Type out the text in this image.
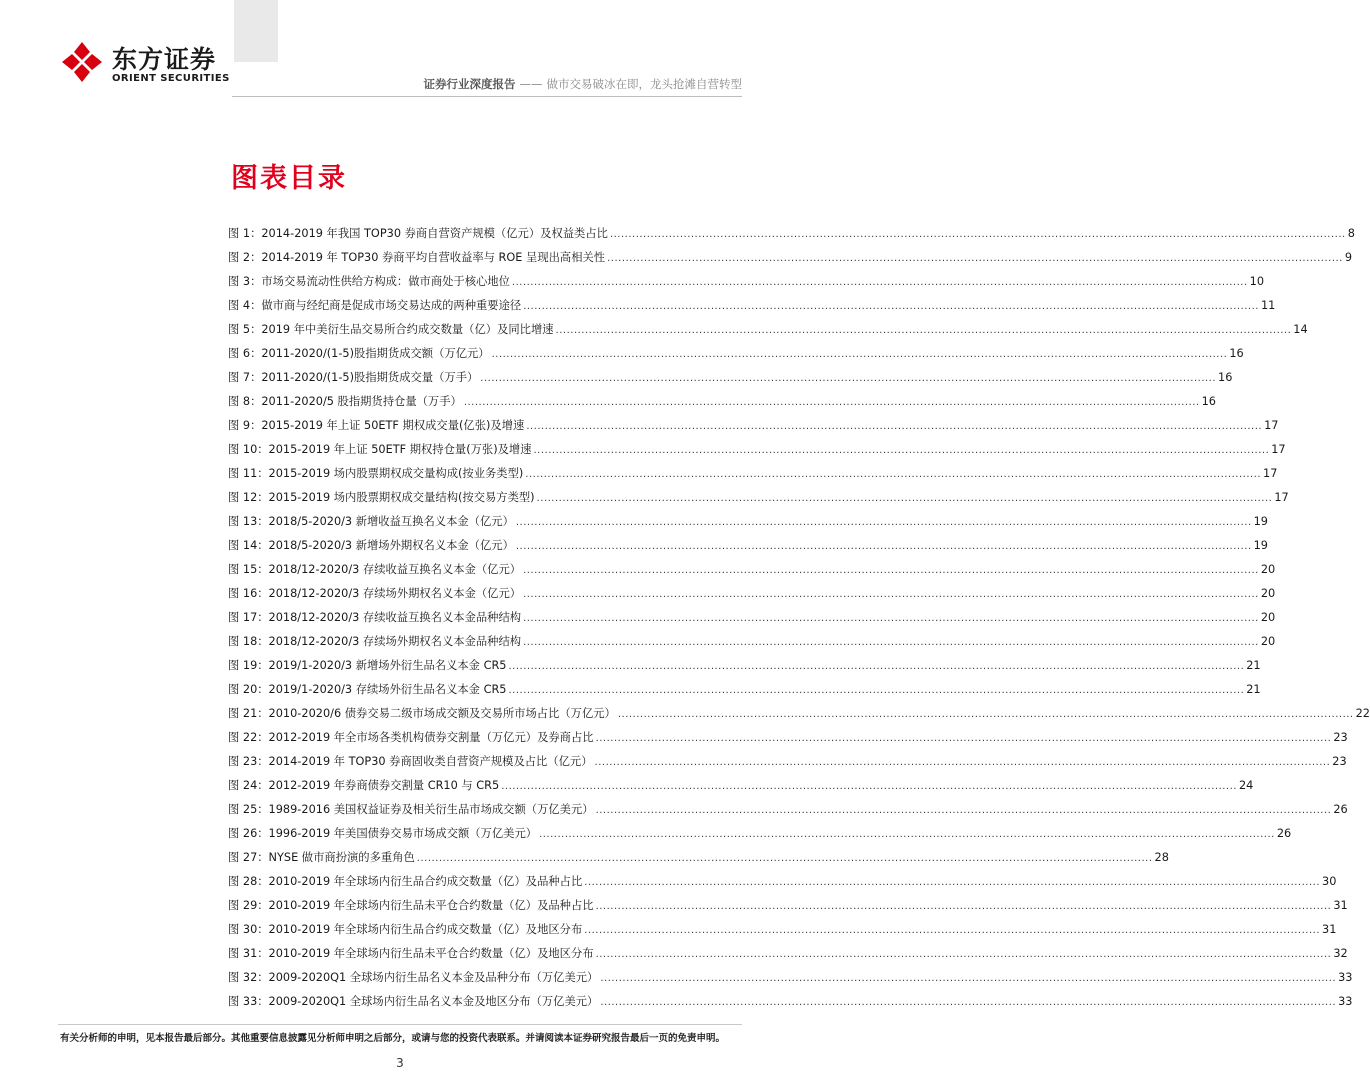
东方证券
ORIENT SECURITIES	证券行业深度报告 —— 做市交易破冰在即，龙头抢滩自营转型
图表目录
图 1：2014-2019 年我国 TOP30 券商自营资产规模（亿元）及权益类占比 ........................................................................................................................................................................................................ 8
图 2：2014-2019 年 TOP30 券商平均自营收益率与 ROE 呈现出高相关性 ........................................................................................................................................................................................................ 9
图 3：市场交易流动性供给方构成：做市商处于核心地位 ........................................................................................................................................................................................................ 10
图 4：做市商与经纪商是促成市场交易达成的两种重要途径 ........................................................................................................................................................................................................ 11
图 5：2019 年中美衍生品交易所合约成交数量（亿）及同比增速 ........................................................................................................................................................................................................ 14
图 6：2011-2020/(1-5)股指期货成交额（万亿元） ........................................................................................................................................................................................................ 16
图 7：2011-2020/(1-5)股指期货成交量（万手） ........................................................................................................................................................................................................ 16
图 8：2011-2020/5 股指期货持仓量（万手） ........................................................................................................................................................................................................ 16
图 9：2015-2019 年上证 50ETF 期权成交量(亿张)及增速 ........................................................................................................................................................................................................ 17
图 10：2015-2019 年上证 50ETF 期权持仓量(万张)及增速 ........................................................................................................................................................................................................ 17
图 11：2015-2019 场内股票期权成交量构成(按业务类型) ........................................................................................................................................................................................................ 17
图 12：2015-2019 场内股票期权成交量结构(按交易方类型) ........................................................................................................................................................................................................ 17
图 13：2018/5-2020/3 新增收益互换名义本金（亿元） ........................................................................................................................................................................................................ 19
图 14：2018/5-2020/3 新增场外期权名义本金（亿元） ........................................................................................................................................................................................................ 19
图 15：2018/12-2020/3 存续收益互换名义本金（亿元） ........................................................................................................................................................................................................ 20
图 16：2018/12-2020/3 存续场外期权名义本金（亿元） ........................................................................................................................................................................................................ 20
图 17：2018/12-2020/3 存续收益互换名义本金品种结构 ........................................................................................................................................................................................................ 20
图 18：2018/12-2020/3 存续场外期权名义本金品种结构 ........................................................................................................................................................................................................ 20
图 19：2019/1-2020/3 新增场外衍生品名义本金 CR5 ........................................................................................................................................................................................................ 21
图 20：2019/1-2020/3 存续场外衍生品名义本金 CR5 ........................................................................................................................................................................................................ 21
图 21：2010-2020/6 债券交易二级市场成交额及交易所市场占比（万亿元） ........................................................................................................................................................................................................ 22
图 22：2012-2019 年全市场各类机构债券交割量（万亿元）及券商占比 ........................................................................................................................................................................................................ 23
图 23：2014-2019 年 TOP30 券商固收类自营资产规模及占比（亿元） ........................................................................................................................................................................................................ 23
图 24：2012-2019 年券商债券交割量 CR10 与 CR5 ........................................................................................................................................................................................................ 24
图 25：1989-2016 美国权益证券及相关衍生品市场成交额（万亿美元） ........................................................................................................................................................................................................ 26
图 26：1996-2019 年美国债券交易市场成交额（万亿美元） ........................................................................................................................................................................................................ 26
图 27：NYSE 做市商扮演的多重角色 ........................................................................................................................................................................................................ 28
图 28：2010-2019 年全球场内衍生品合约成交数量（亿）及品种占比 ........................................................................................................................................................................................................ 30
图 29：2010-2019 年全球场内衍生品未平仓合约数量（亿）及品种占比 ........................................................................................................................................................................................................ 31
图 30：2010-2019 年全球场内衍生品合约成交数量（亿）及地区分布 ........................................................................................................................................................................................................ 31
图 31：2010-2019 年全球场内衍生品未平仓合约数量（亿）及地区分布 ........................................................................................................................................................................................................ 32
图 32：2009-2020Q1 全球场内衍生品名义本金及品种分布（万亿美元） ........................................................................................................................................................................................................ 33
图 33：2009-2020Q1 全球场内衍生品名义本金及地区分布（万亿美元） ........................................................................................................................................................................................................ 33
有关分析师的申明，见本报告最后部分。其他重要信息披露见分析师申明之后部分，或请与您的投资代表联系。并请阅读本证券研究报告最后一页的免责申明。
3
